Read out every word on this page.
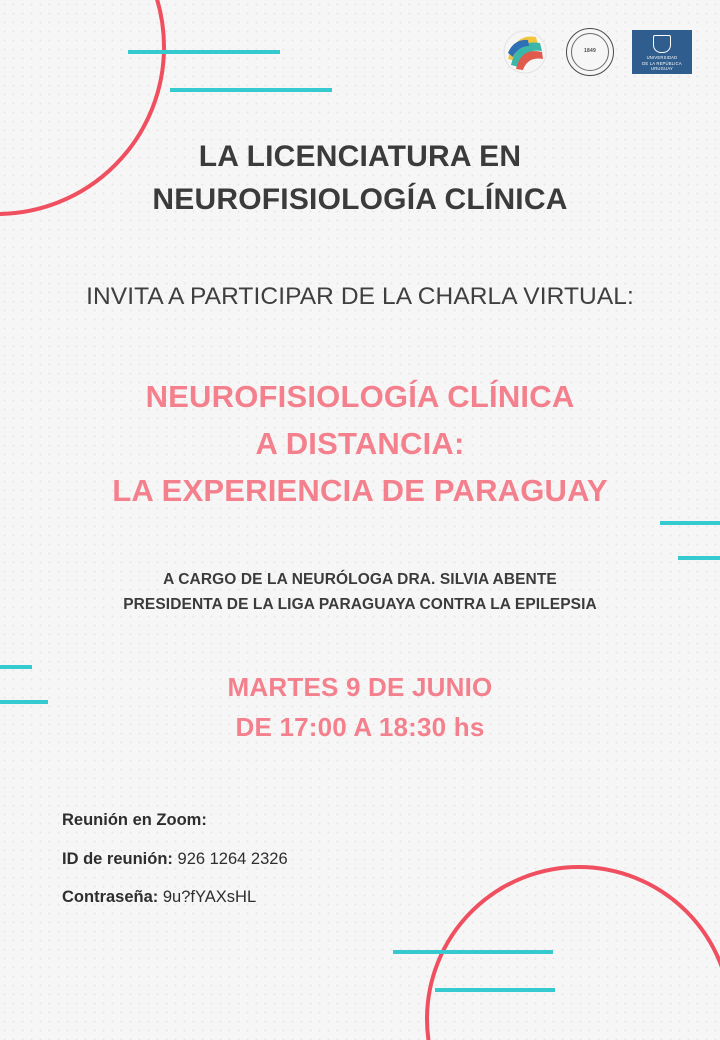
1849
UNIVERSIDAD
DE LA REPÚBLICA
URUGUAY
LA LICENCIATURA EN
NEUROFISIOLOGÍA CLÍNICA
INVITA A PARTICIPAR DE LA CHARLA VIRTUAL:
NEUROFISIOLOGÍA CLÍNICA
A DISTANCIA:
LA EXPERIENCIA DE PARAGUAY
A CARGO DE LA NEURÓLOGA DRA. SILVIA ABENTE
PRESIDENTA DE LA LIGA PARAGUAYA CONTRA LA EPILEPSIA
MARTES 9 DE JUNIO
DE 17:00 A 18:30 hs
Reunión en Zoom:
ID de reunión: 926 1264 2326
Contraseña: 9u?fYAXsHL
